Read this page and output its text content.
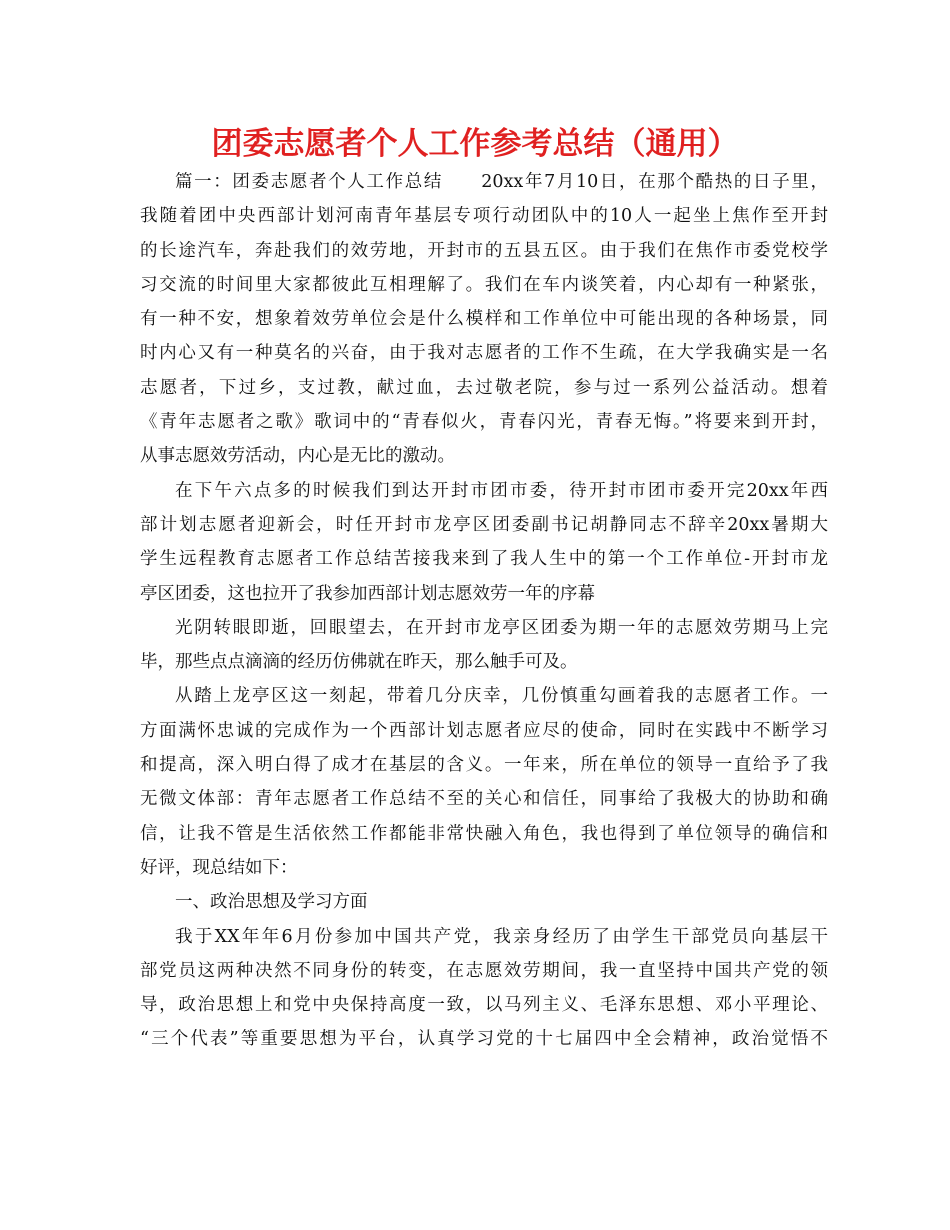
团委志愿者个人工作参考总结（通用）
篇一：团委志愿者个人工作总结　　20xx年7月10日，在那个酷热的日子里，
我随着团中央西部计划河南青年基层专项行动团队中的10人一起坐上焦作至开封
的长途汽车，奔赴我们的效劳地，开封市的五县五区。由于我们在焦作市委党校学
习交流的时间里大家都彼此互相理解了。我们在车内谈笑着，内心却有一种紧张，
有一种不安，想象着效劳单位会是什么模样和工作单位中可能出现的各种场景，同
时内心又有一种莫名的兴奋，由于我对志愿者的工作不生疏，在大学我确实是一名
志愿者，下过乡，支过教，献过血，去过敬老院，参与过一系列公益活动。想着
《青年志愿者之歌》歌词中的“青春似火，青春闪光，青春无悔。”将要来到开封，
从事志愿效劳活动，内心是无比的激动。
在下午六点多的时候我们到达开封市团市委，待开封市团市委开完20xx年西
部计划志愿者迎新会，时任开封市龙亭区团委副书记胡静同志不辞辛20xx暑期大
学生远程教育志愿者工作总结苦接我来到了我人生中的第一个工作单位-开封市龙
亭区团委，这也拉开了我参加西部计划志愿效劳一年的序幕
光阴转眼即逝，回眼望去，在开封市龙亭区团委为期一年的志愿效劳期马上完
毕，那些点点滴滴的经历仿佛就在昨天，那么触手可及。
从踏上龙亭区这一刻起，带着几分庆幸，几份慎重勾画着我的志愿者工作。一
方面满怀忠诚的完成作为一个西部计划志愿者应尽的使命，同时在实践中不断学习
和提高，深入明白得了成才在基层的含义。一年来，所在单位的领导一直给予了我
无微文体部：青年志愿者工作总结不至的关心和信任，同事给了我极大的协助和确
信，让我不管是生活依然工作都能非常快融入角色，我也得到了单位领导的确信和
好评，现总结如下：
一、政治思想及学习方面
我于XX年年6月份参加中国共产党，我亲身经历了由学生干部党员向基层干
部党员这两种决然不同身份的转变，在志愿效劳期间，我一直坚持中国共产党的领
导，政治思想上和党中央保持高度一致，以马列主义、毛泽东思想、邓小平理论、
“三个代表”等重要思想为平台，认真学习党的十七届四中全会精神，政治觉悟不
